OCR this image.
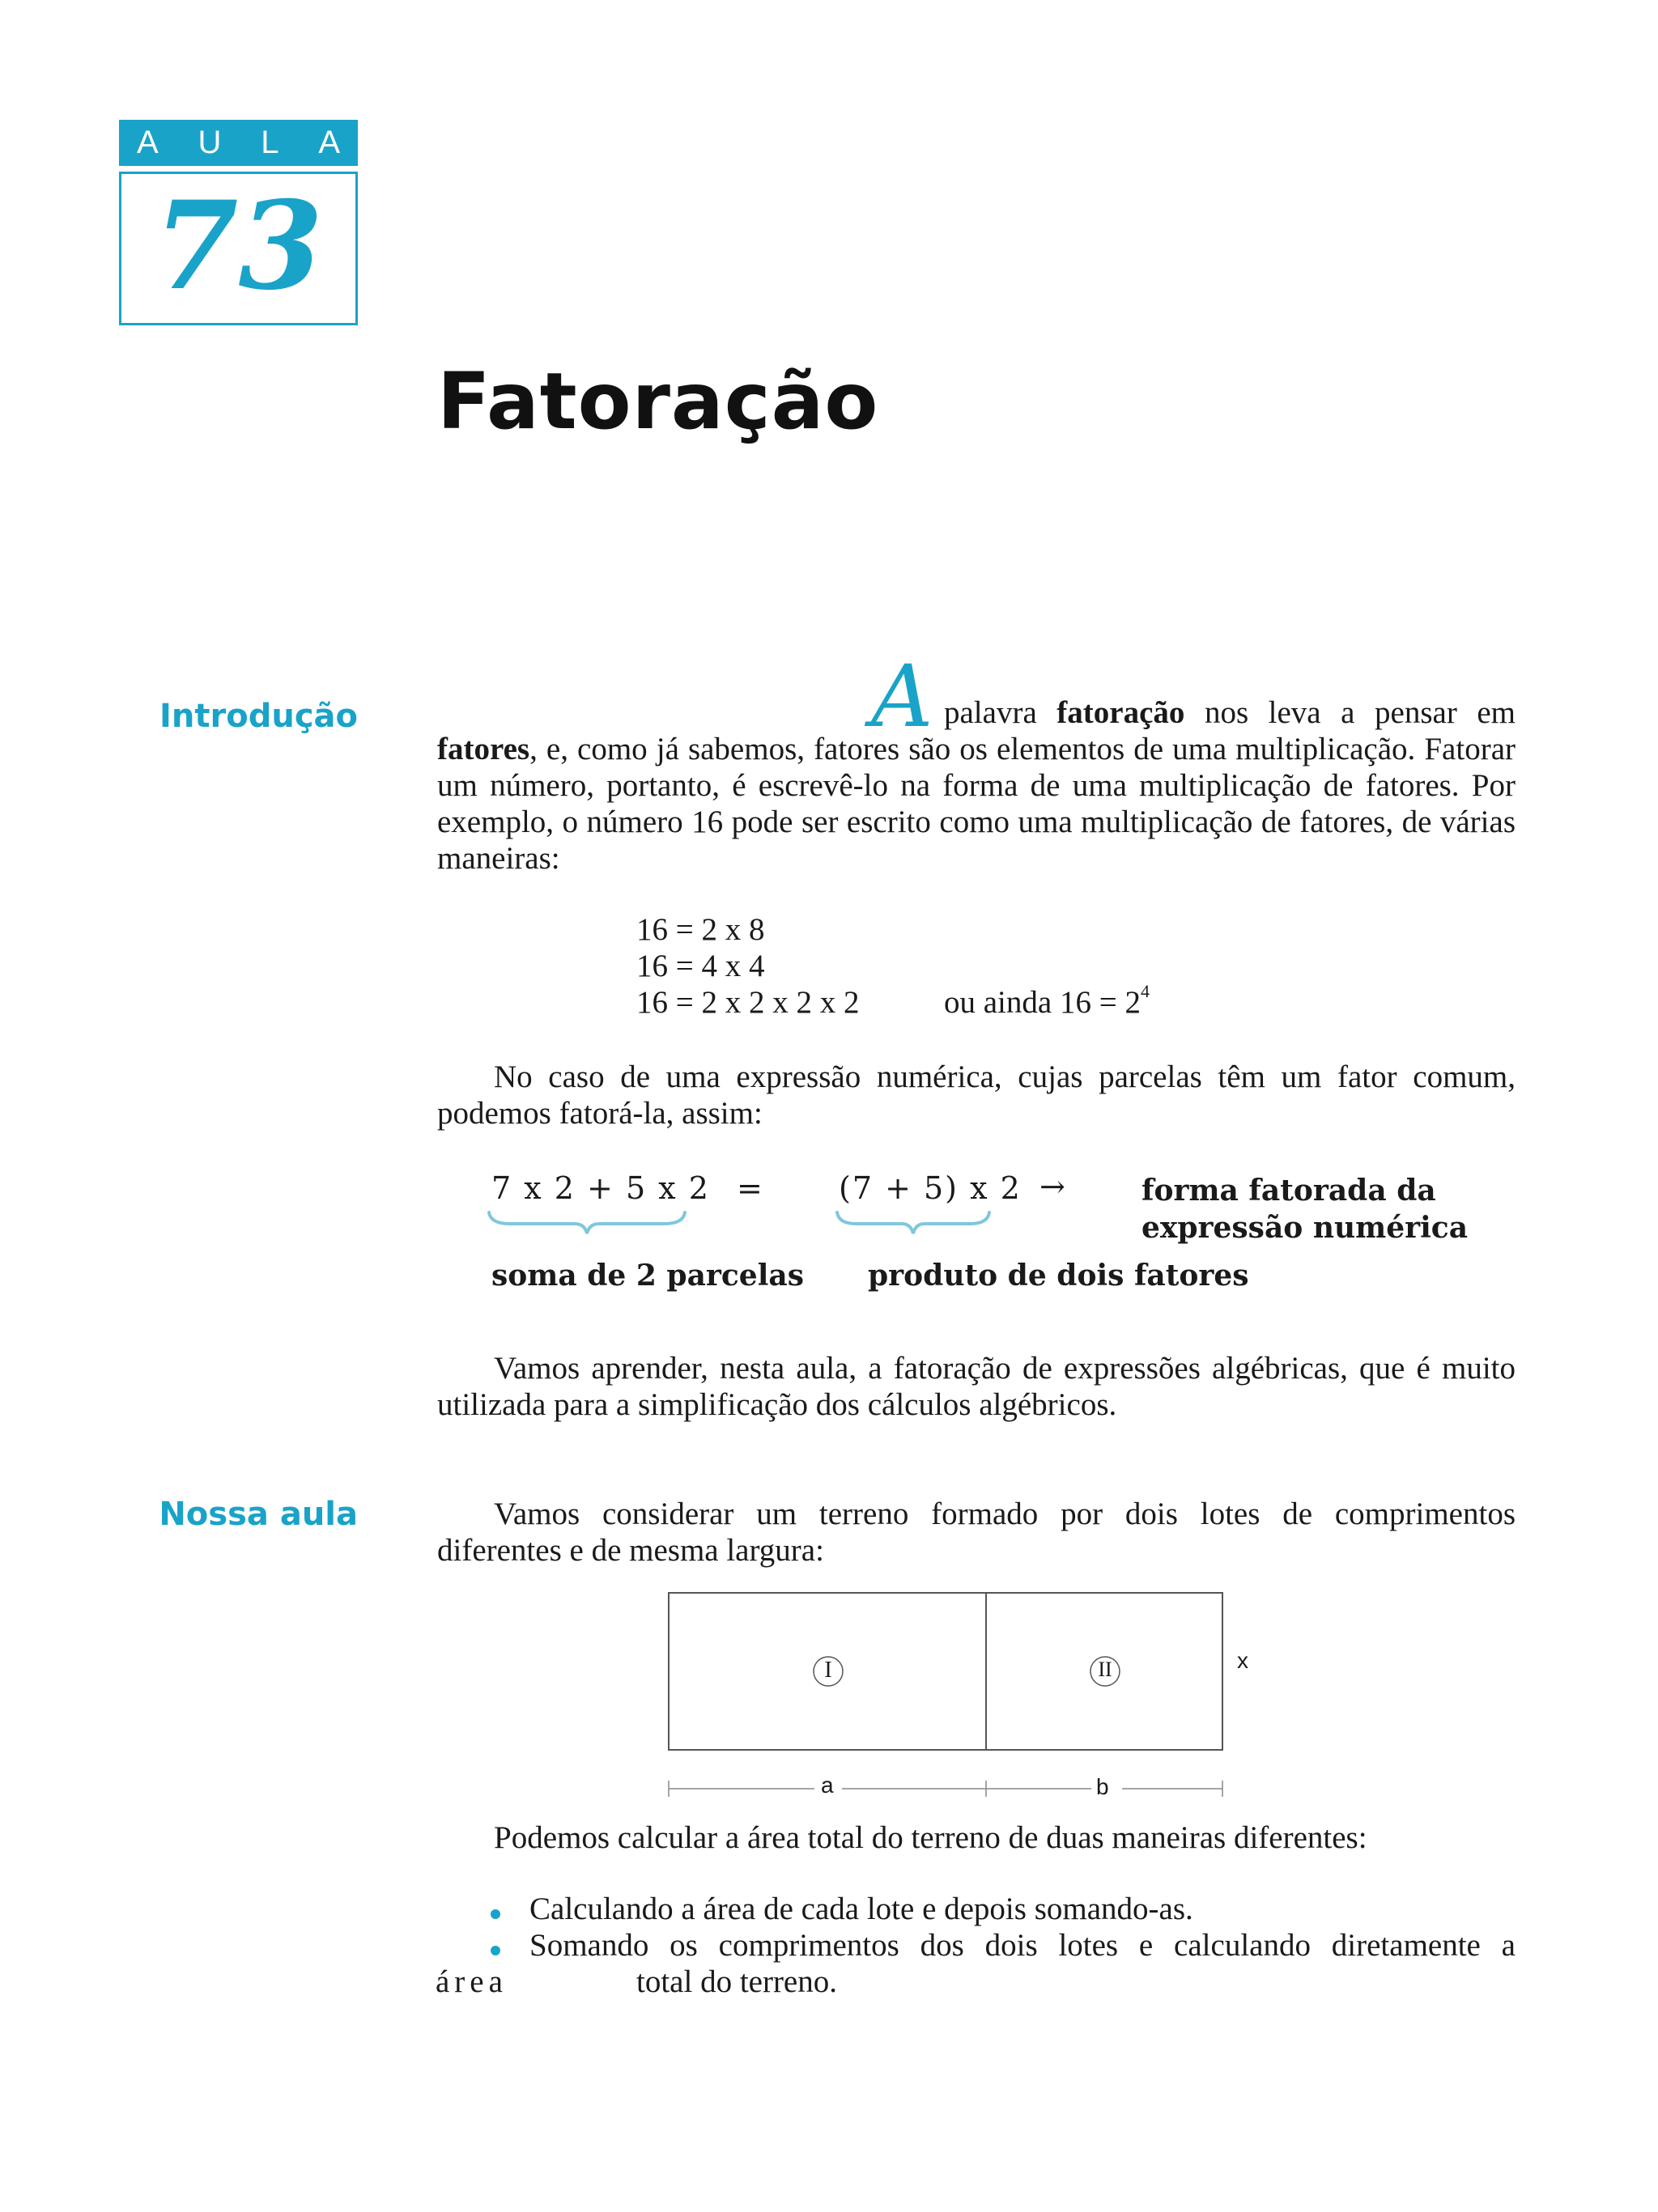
A U L A
73
Fatoração
Introdução
Nossa aula
A palavra fatoração nos leva a pensar em
fatores, e, como já sabemos, fatores são os elementos de uma multiplicação. Fatorar um número, portanto, é escrevê-lo na forma de uma multiplicação de fatores. Por exemplo, o número 16 pode ser escrito como uma multiplicação de fatores, de várias maneiras:
16 = 2 x 8
16 = 4 x 4
16 = 2 x 2 x 2 x 2	ou ainda $16 = 2^4$
No caso de uma expressão numérica, cujas parcelas têm um fator comum, podemos fatorá-la, assim:
7 x 2 + 5 x 2 = (7 + 5) x 2 →	forma fatorada da
expressão numérica
soma de 2 parcelas produto de dois fatores
Vamos aprender, nesta aula, a fatoração de expressões algébricas, que é muito utilizada para a simplificação dos cálculos algébricos.
Vamos considerar um terreno formado por dois lotes de comprimentos diferentes e de mesma largura:
I	II	x
a	b
Podemos calcular a área total do terreno de duas maneiras diferentes:
Calculando a área de cada lote e depois somando-as.
Somando os comprimentos dos dois lotes e calculando diretamente a
área	total do terreno.
